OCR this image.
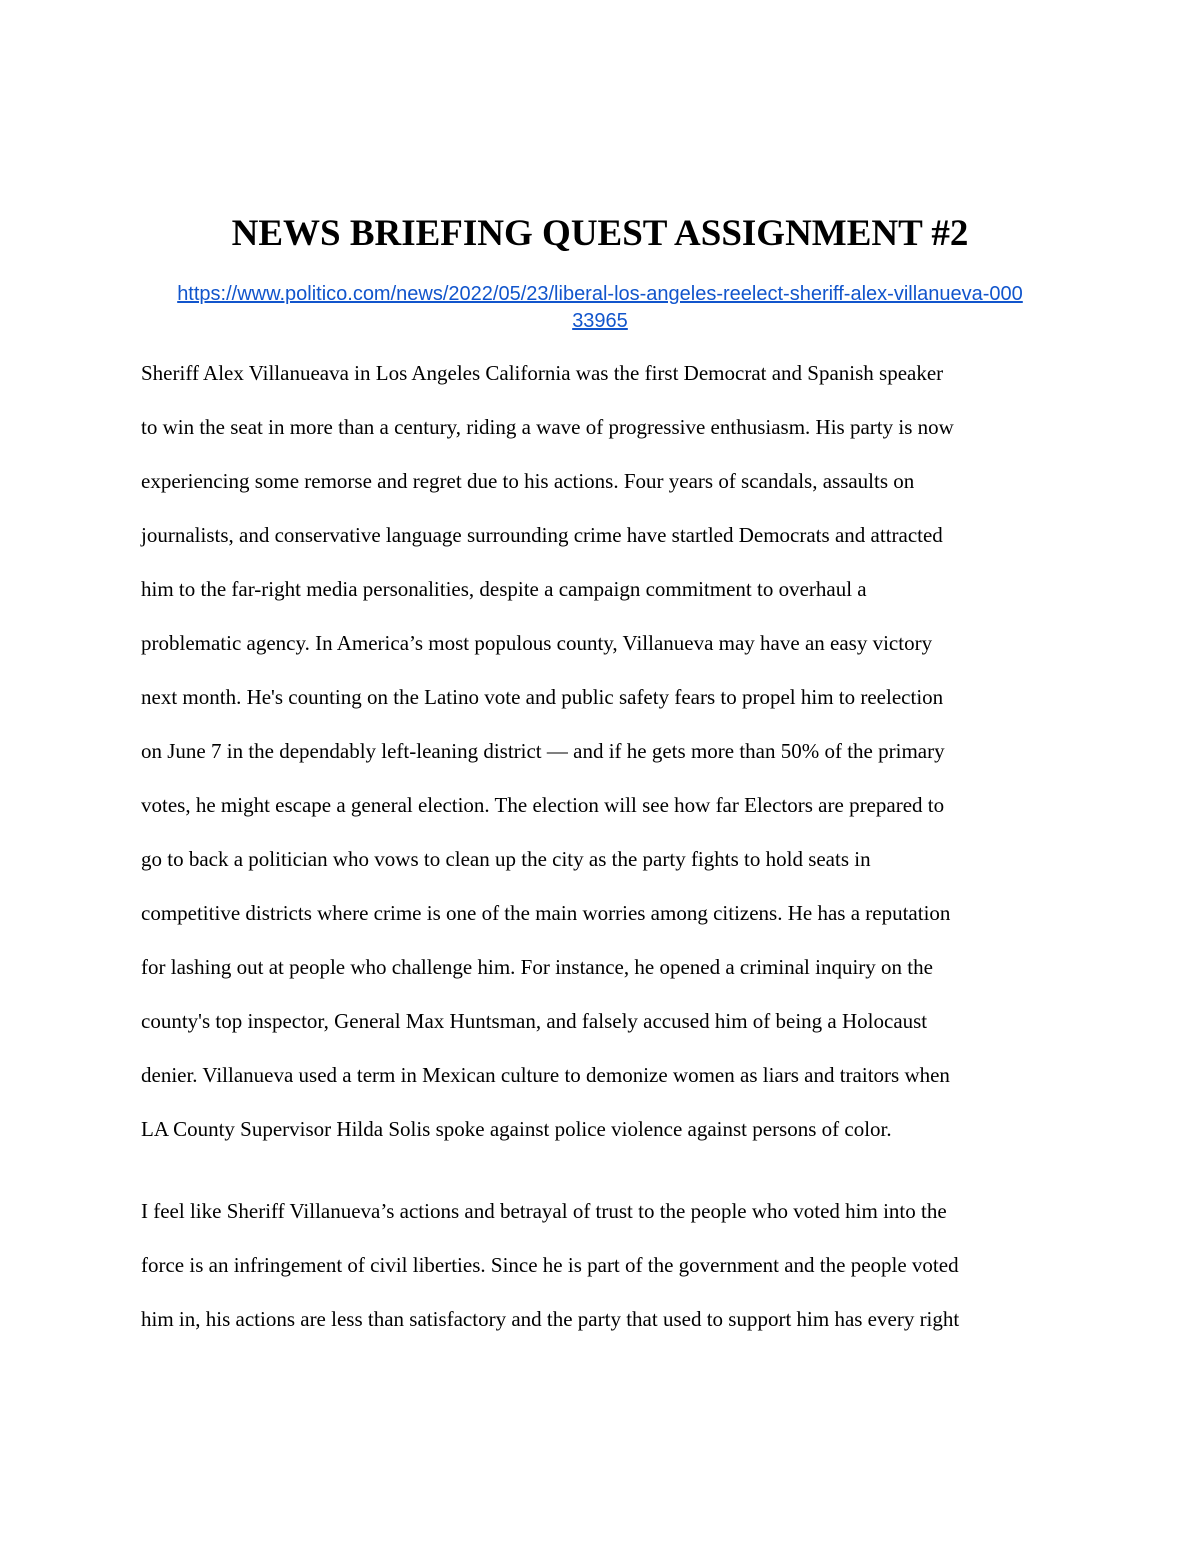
NEWS BRIEFING QUEST ASSIGNMENT #2

https://www.politico.com/news/2022/05/23/liberal-los-angeles-reelect-sheriff-alex-villanueva-000
33965

Sheriff Alex Villanueava in Los Angeles California was the first Democrat and Spanish speaker
to win the seat in more than a century, riding a wave of progressive enthusiasm. His party is now
experiencing some remorse and regret due to his actions. Four years of scandals, assaults on
journalists, and conservative language surrounding crime have startled Democrats and attracted
him to the far-right media personalities, despite a campaign commitment to overhaul a
problematic agency. In America’s most populous county, Villanueva may have an easy victory
next month. He's counting on the Latino vote and public safety fears to propel him to reelection
on June 7 in the dependably left-leaning district — and if he gets more than 50% of the primary
votes, he might escape a general election. The election will see how far Electors are prepared to
go to back a politician who vows to clean up the city as the party fights to hold seats in
competitive districts where crime is one of the main worries among citizens. He has a reputation
for lashing out at people who challenge him. For instance, he opened a criminal inquiry on the
county's top inspector, General Max Huntsman, and falsely accused him of being a Holocaust
denier. Villanueva used a term in Mexican culture to demonize women as liars and traitors when
LA County Supervisor Hilda Solis spoke against police violence against persons of color.

I feel like Sheriff Villanueva’s actions and betrayal of trust to the people who voted him into the
force is an infringement of civil liberties. Since he is part of the government and the people voted
him in, his actions are less than satisfactory and the party that used to support him has every right
